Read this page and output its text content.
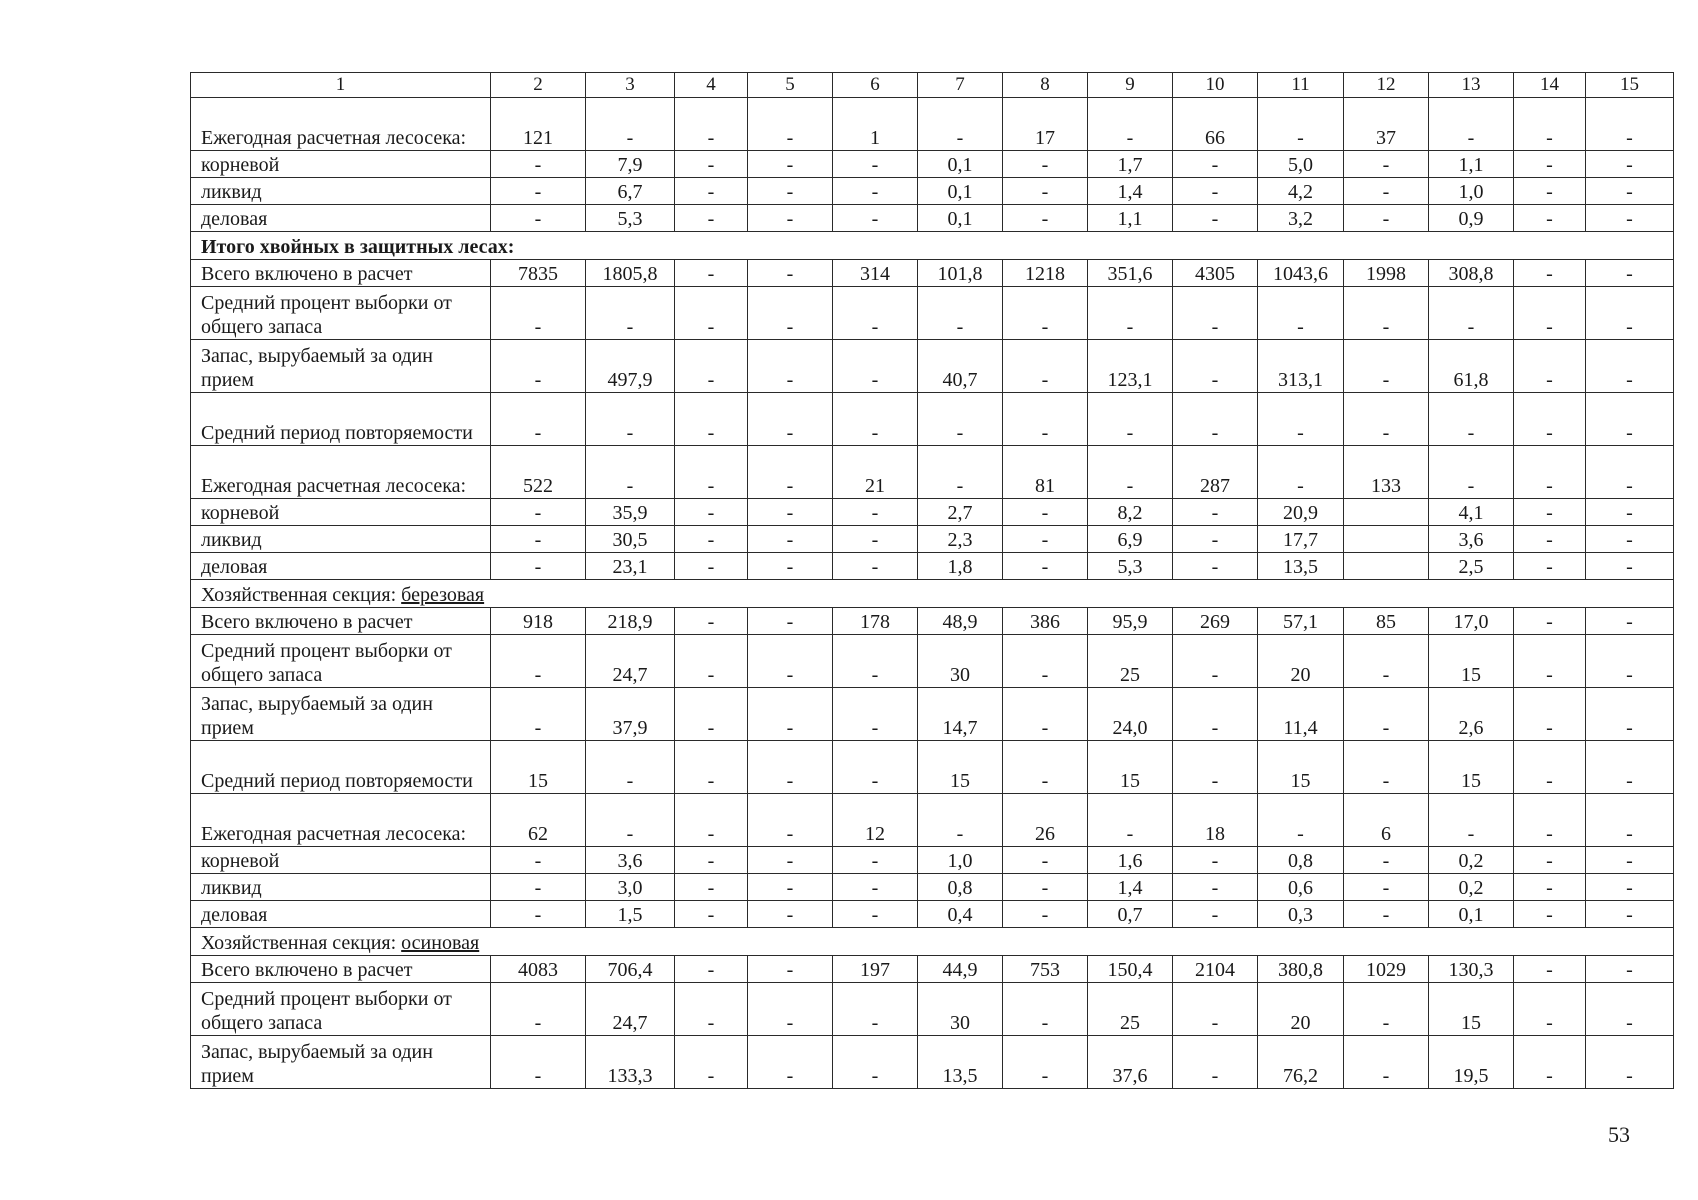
1	2	3	4	5	6	7	8	9	10	11	12	13	14	15
Ежегодная расчетная лесосека:	121	-	-	-	1	-	17	-	66	-	37	-	-	-
корневой	-	7,9	-	-	-	0,1	-	1,7	-	5,0	-	1,1	-	-
ликвид	-	6,7	-	-	-	0,1	-	1,4	-	4,2	-	1,0	-	-
деловая	-	5,3	-	-	-	0,1	-	1,1	-	3,2	-	0,9	-	-
Итого хвойных в защитных лесах:														
Всего включено в расчет	7835	1805,8	-	-	314	101,8	1218	351,6	4305	1043,6	1998	308,8	-	-
Средний процент выборки от общего запаса	-	-	-	-	-	-	-	-	-	-	-	-	-	-
Запас, вырубаемый за один прием	-	497,9	-	-	-	40,7	-	123,1	-	313,1	-	61,8	-	-
Средний период повторяемости	-	-	-	-	-	-	-	-	-	-	-	-	-	-
Ежегодная расчетная лесосека:	522	-	-	-	21	-	81	-	287	-	133	-	-	-
корневой	-	35,9	-	-	-	2,7	-	8,2	-	20,9		4,1	-	-
ликвид	-	30,5	-	-	-	2,3	-	6,9	-	17,7		3,6	-	-
деловая	-	23,1	-	-	-	1,8	-	5,3	-	13,5		2,5	-	-
Хозяйственная секция: березовая														
Всего включено в расчет	918	218,9	-	-	178	48,9	386	95,9	269	57,1	85	17,0	-	-
Средний процент выборки от общего запаса	-	24,7	-	-	-	30	-	25	-	20	-	15	-	-
Запас, вырубаемый за один прием	-	37,9	-	-	-	14,7	-	24,0	-	11,4	-	2,6	-	-
Средний период повторяемости	15	-	-	-	-	15	-	15	-	15	-	15	-	-
Ежегодная расчетная лесосека:	62	-	-	-	12	-	26	-	18	-	6	-	-	-
корневой	-	3,6	-	-	-	1,0	-	1,6	-	0,8	-	0,2	-	-
ликвид	-	3,0	-	-	-	0,8	-	1,4	-	0,6	-	0,2	-	-
деловая	-	1,5	-	-	-	0,4	-	0,7	-	0,3	-	0,1	-	-
Хозяйственная секция: осиновая														
Всего включено в расчет	4083	706,4	-	-	197	44,9	753	150,4	2104	380,8	1029	130,3	-	-
Средний процент выборки от общего запаса	-	24,7	-	-	-	30	-	25	-	20	-	15	-	-
Запас, вырубаемый за один прием	-	133,3	-	-	-	13,5	-	37,6	-	76,2	-	19,5	-	-
53
